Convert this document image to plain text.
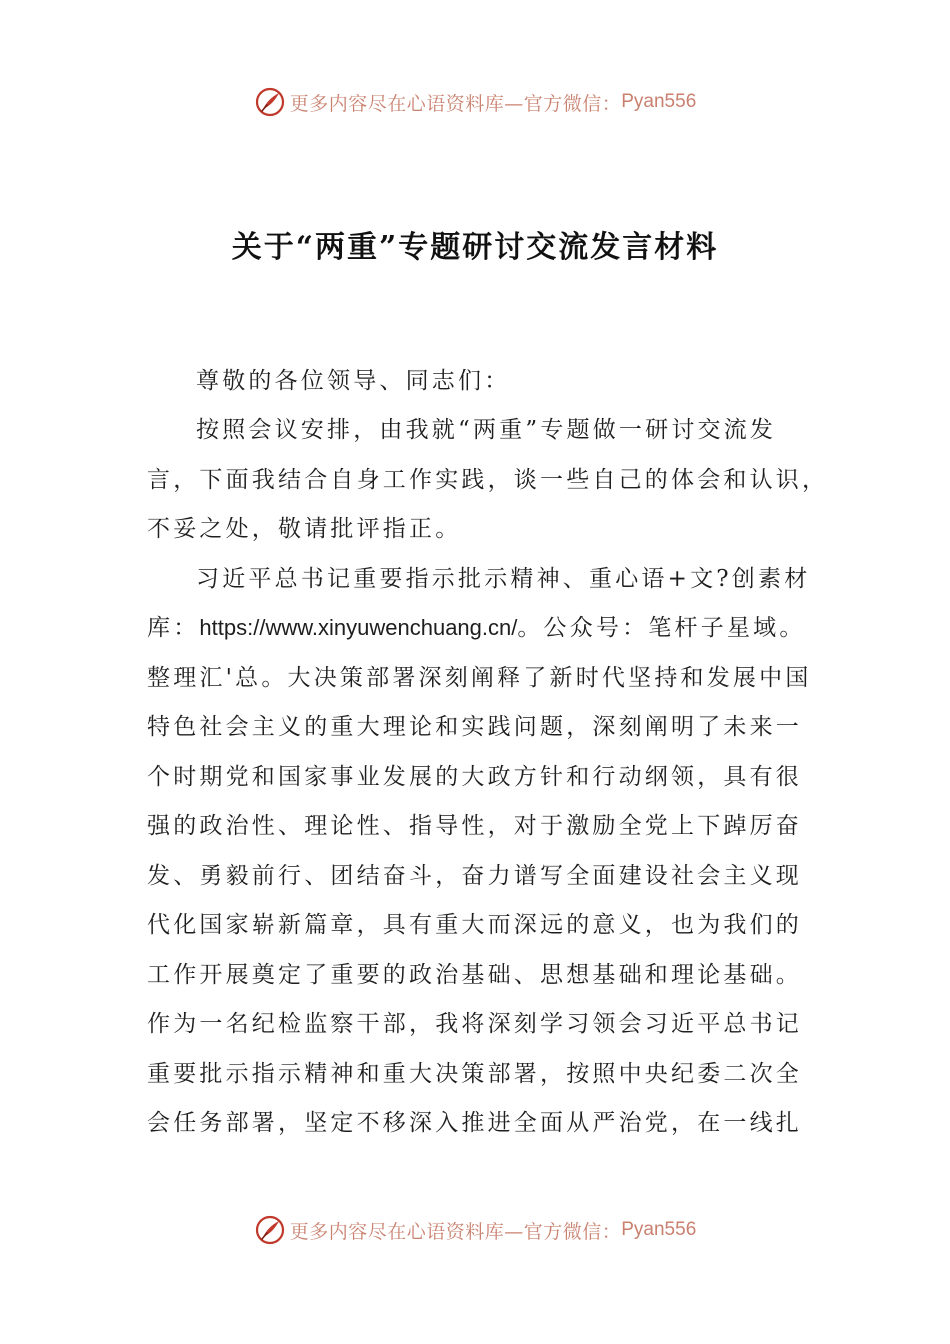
更多内容尽在心语资料库—官方微信： Pyan556
关于“两重”专题研讨交流发言材料
尊敬的各位领导、同志们：
按照会议安排，由我就“两重”专题做一研讨交流发
言，下面我结合自身工作实践，谈一些自己的体会和认识，
不妥之处，敬请批评指正。
习近平总书记重要指示批示精神、重心语+文?创素材
库：https://www.xinyuwenchuang.cn/。公众号：笔杆子星域。
整理汇'总。大决策部署深刻阐释了新时代坚持和发展中国
特色社会主义的重大理论和实践问题，深刻阐明了未来一
个时期党和国家事业发展的大政方针和行动纲领，具有很
强的政治性、理论性、指导性，对于激励全党上下踔厉奋
发、勇毅前行、团结奋斗，奋力谱写全面建设社会主义现
代化国家崭新篇章，具有重大而深远的意义，也为我们的
工作开展奠定了重要的政治基础、思想基础和理论基础。
作为一名纪检监察干部，我将深刻学习领会习近平总书记
重要批示指示精神和重大决策部署，按照中央纪委二次全
会任务部署，坚定不移深入推进全面从严治党，在一线扎
更多内容尽在心语资料库—官方微信： Pyan556
